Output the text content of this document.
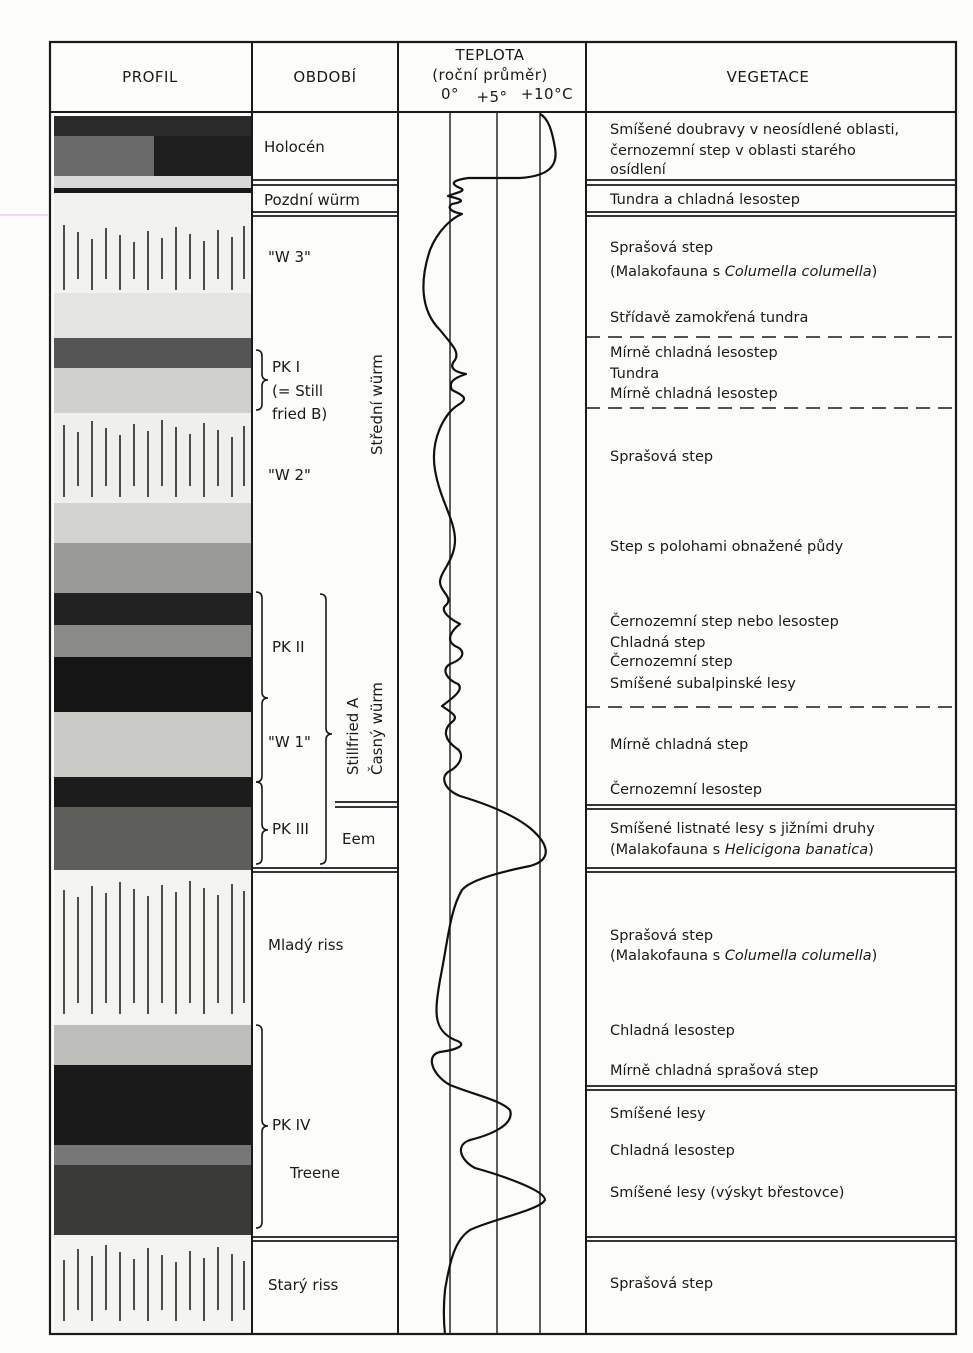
PROFIL	OBDOBÍ
TEPLOTA
(roční průměr)
0° +5° +10°C
VEGETACE
Holocén
Pozdní würm
"W 3"
PK I
(= Still
fried B)
"W 2"
PK II
"W 1"
PK III
Eem
Mladý riss
PK IV
Treene
Starý riss
Střední würm
Stillfried A Časný würm
Smíšené doubravy v neosídlené oblasti,
černozemní step v oblasti starého
osídlení
Tundra a chladná lesostep
Sprašová step
(Malakofauna s Columella columella)
Střídavě zamokřená tundra
Mírně chladná lesostep
Tundra
Mírně chladná lesostep
Sprašová step
Step s polohami obnažené půdy
Černozemní step nebo lesostep
Chladná step
Černozemní step
Smíšené subalpinské lesy
Mírně chladná step
Černozemní lesostep
Smíšené listnaté lesy s jižními druhy
(Malakofauna s Helicigona banatica)
Sprašová step
(Malakofauna s Columella columella)
Chladná lesostep
Mírně chladná sprašová step
Smíšené lesy
Chladná lesostep
Smíšené lesy (výskyt břestovce)
Sprašová step
